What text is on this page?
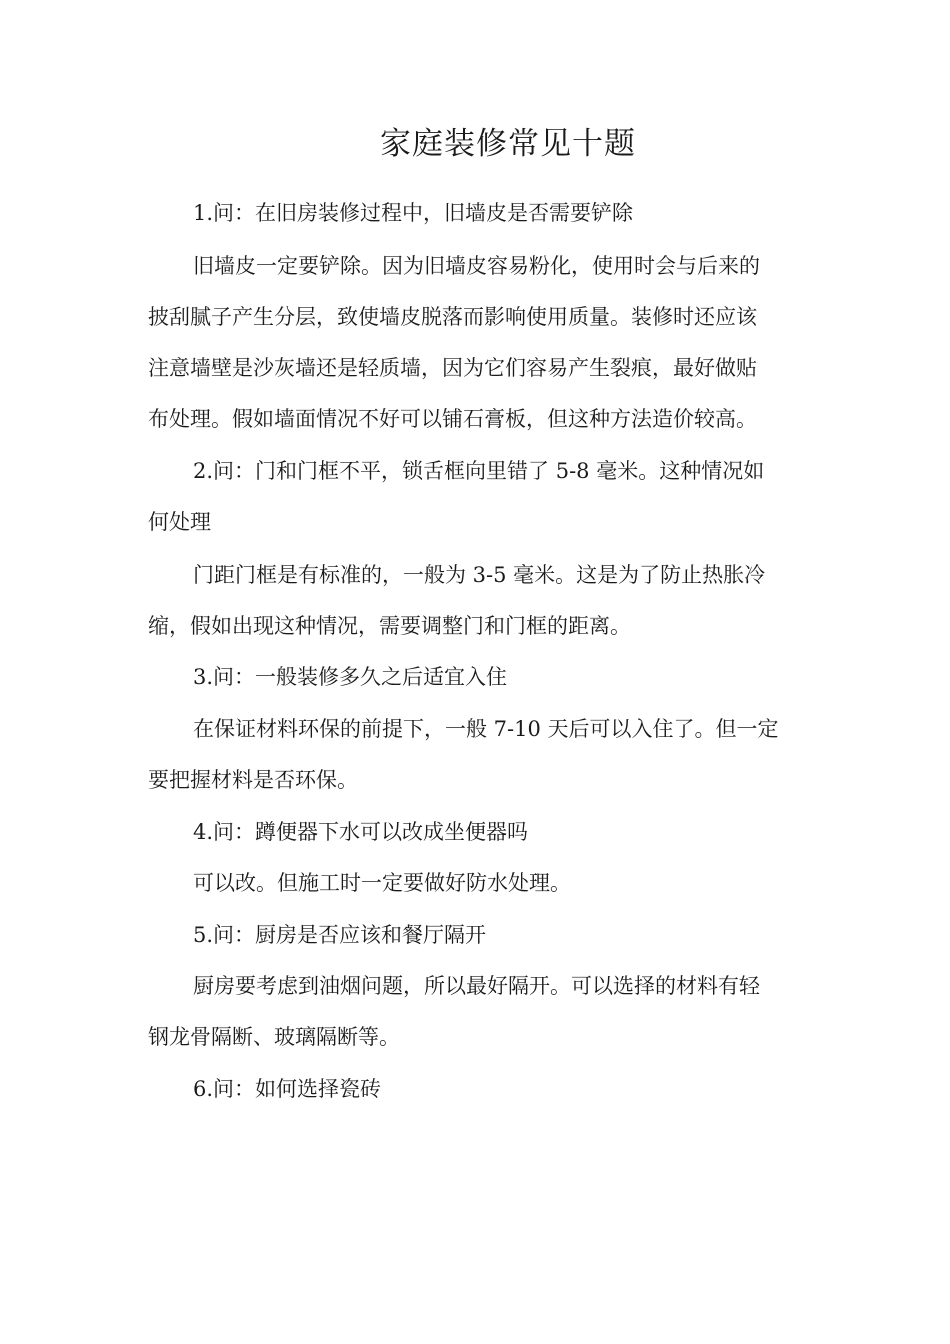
家庭装修常见十题

1.问：在旧房装修过程中，旧墙皮是否需要铲除

旧墙皮一定要铲除。因为旧墙皮容易粉化，使用时会与后来的

披刮腻子产生分层，致使墙皮脱落而影响使用质量。装修时还应该

注意墙壁是沙灰墙还是轻质墙，因为它们容易产生裂痕，最好做贴

布处理。假如墙面情况不好可以铺石膏板，但这种方法造价较高。

2.问：门和门框不平，锁舌框向里错了 5-8 毫米。这种情况如

何处理

门距门框是有标准的，一般为 3-5 毫米。这是为了防止热胀冷

缩，假如出现这种情况，需要调整门和门框的距离。

3.问：一般装修多久之后适宜入住

在保证材料环保的前提下，一般 7-10 天后可以入住了。但一定

要把握材料是否环保。

4.问：蹲便器下水可以改成坐便器吗

可以改。但施工时一定要做好防水处理。

5.问：厨房是否应该和餐厅隔开

厨房要考虑到油烟问题，所以最好隔开。可以选择的材料有轻

钢龙骨隔断、玻璃隔断等。

6.问：如何选择瓷砖
